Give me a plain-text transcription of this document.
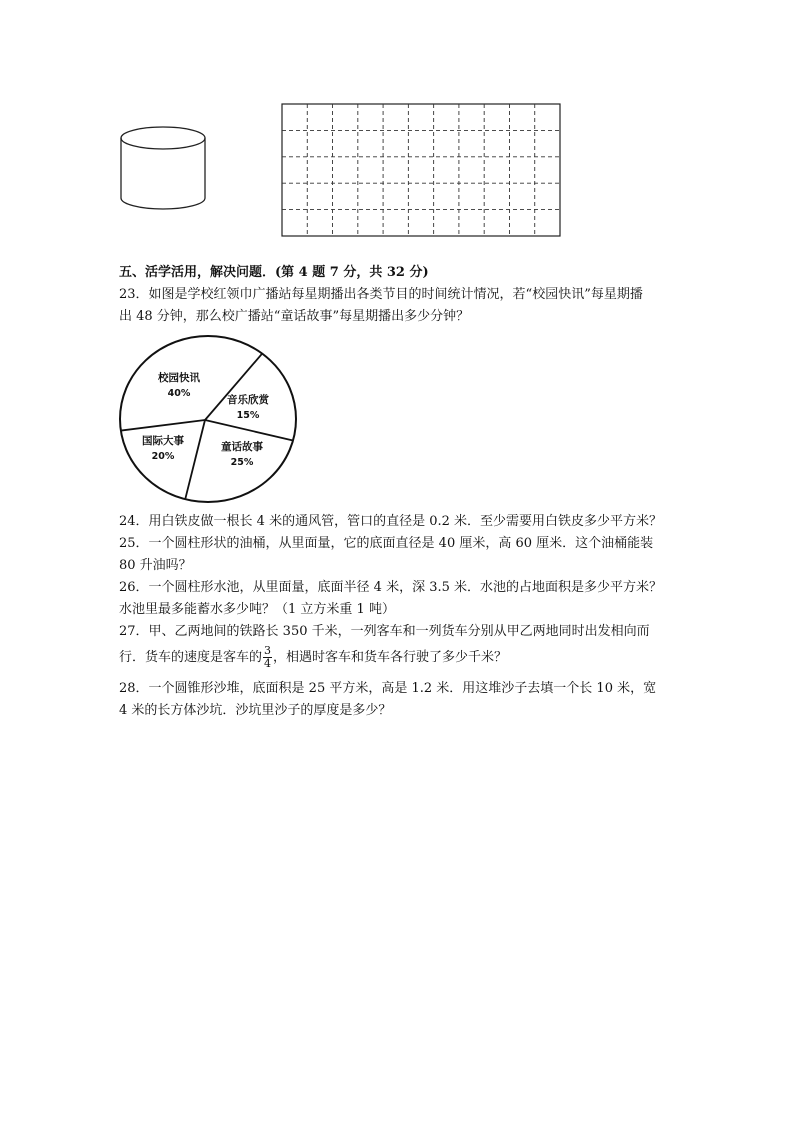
五、活学活用，解决问题．(第 4 题 7 分，共 32 分)
23．如图是学校红领巾广播站每星期播出各类节目的时间统计情况，若“校园快讯”每星期播
出 48 分钟，那么校广播站“童话故事”每星期播出多少分钟？
校园快讯
40%
音乐欣赏
15%
童话故事
25%
国际大事
20%
24．用白铁皮做一根长 4 米的通风管，管口的直径是 0.2 米．至少需要用白铁皮多少平方米？
25．一个圆柱形状的油桶，从里面量，它的底面直径是 40 厘米，高 60 厘米．这个油桶能装
80 升油吗？
26．一个圆柱形水池，从里面量，底面半径 4 米，深 3.5 米．水池的占地面积是多少平方米？
水池里最多能蓄水多少吨？（1 立方米重 1 吨）
27．甲、乙两地间的铁路长 350 千米，一列客车和一列货车分别从甲乙两地同时出发相向而
行．货车的速度是客车的 $\frac{3}{4}$ ，相遇时客车和货车各行驶了多少千米？
28．一个圆锥形沙堆，底面积是 25 平方米，高是 1.2 米．用这堆沙子去填一个长 10 米，宽
4 米的长方体沙坑．沙坑里沙子的厚度是多少？
